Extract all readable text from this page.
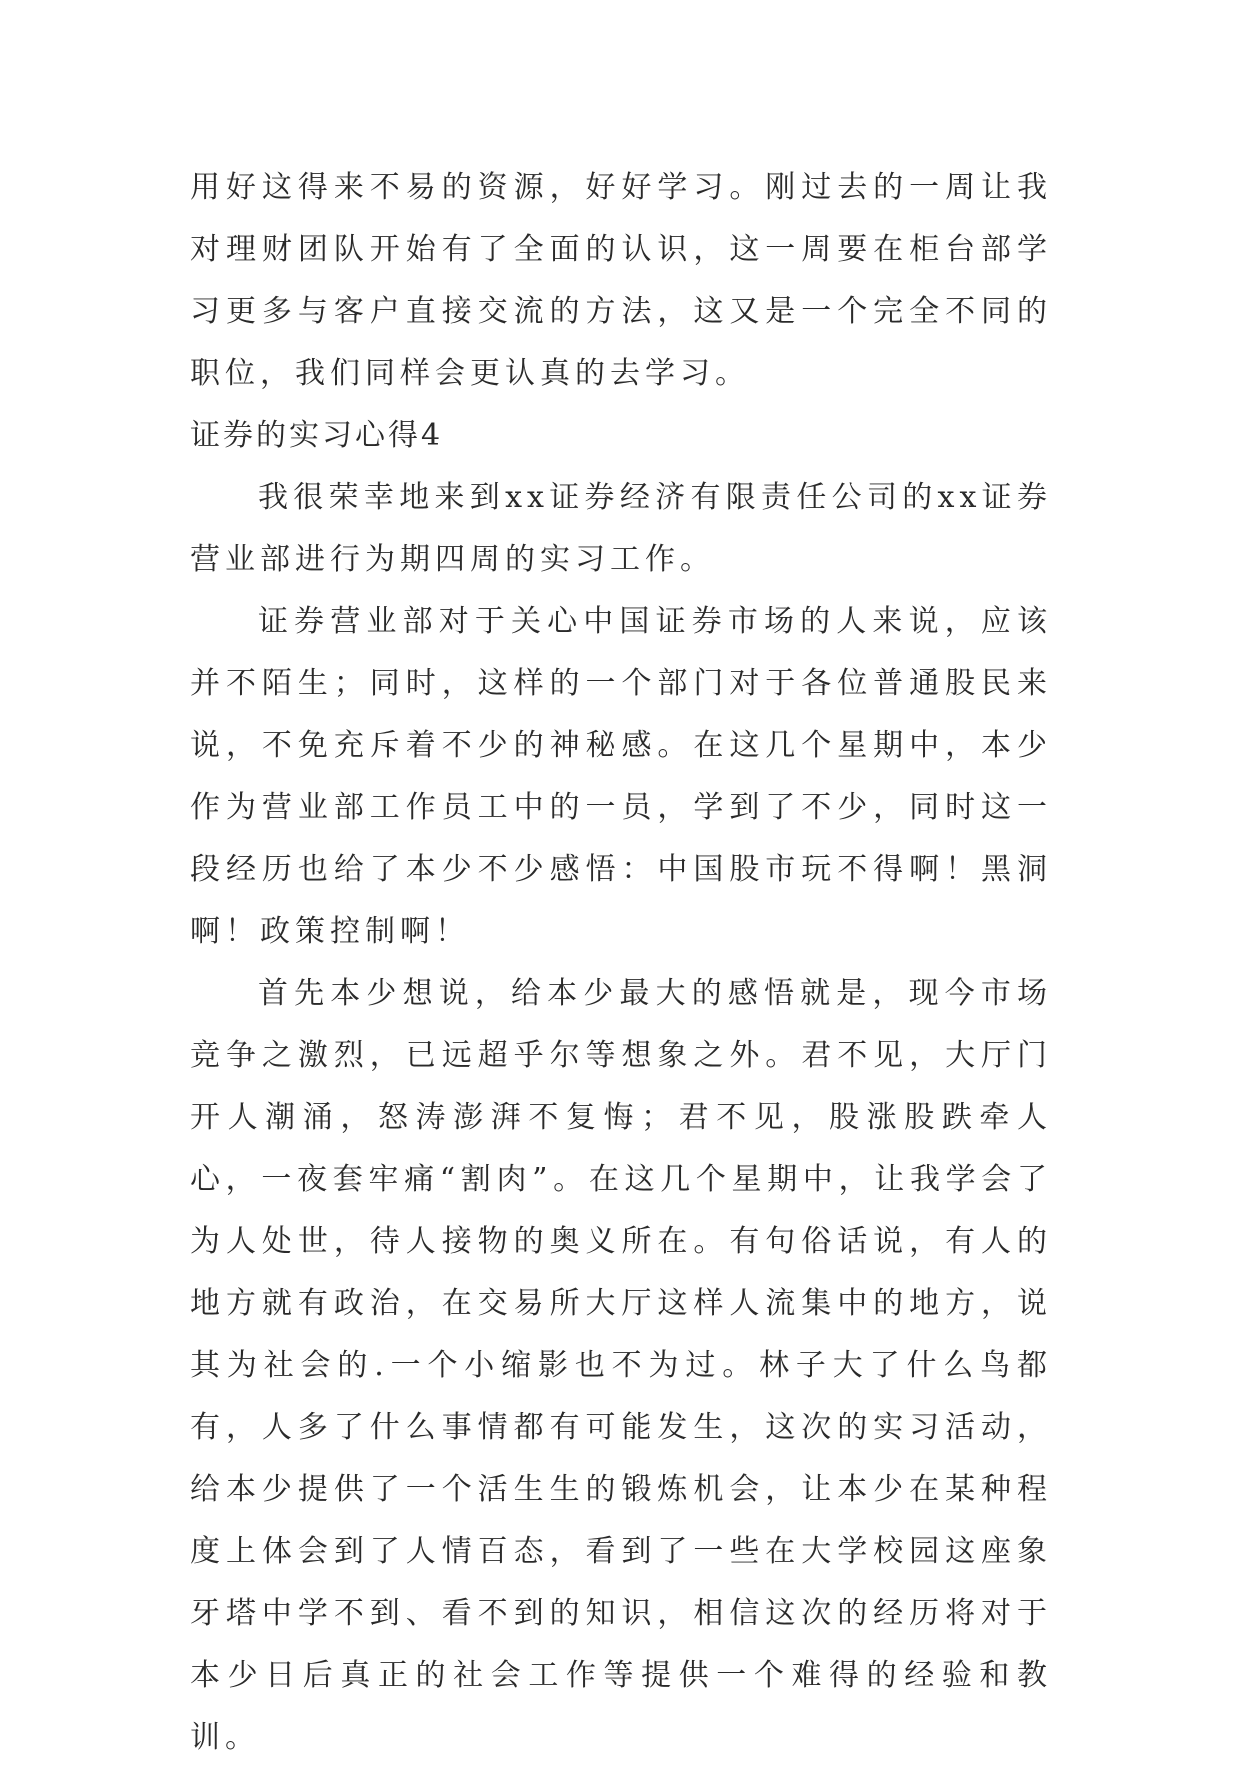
用好这得来不易的资源，好好学习。刚过去的一周让我对理财团队开始有了全面的认识，这一周要在柜台部学习更多与客户直接交流的方法，这又是一个完全不同的职位，我们同样会更认真的去学习。

证券的实习心得4

我很荣幸地来到xx证券经济有限责任公司的xx证券营业部进行为期四周的实习工作。

证券营业部对于关心中国证券市场的人来说，应该并不陌生；同时，这样的一个部门对于各位普通股民来说，不免充斥着不少的神秘感。在这几个星期中，本少作为营业部工作员工中的一员，学到了不少，同时这一段经历也给了本少不少感悟：中国股市玩不得啊！黑洞啊！政策控制啊！

首先本少想说，给本少最大的感悟就是，现今市场竞争之激烈，已远超乎尔等想象之外。君不见，大厅门开人潮涌，怒涛澎湃不复悔；君不见，股涨股跌牵人心，一夜套牢痛“割肉”。在这几个星期中，让我学会了为人处世，待人接物的奥义所在。有句俗话说，有人的地方就有政治，在交易所大厅这样人流集中的地方，说其为社会的.一个小缩影也不为过。林子大了什么鸟都有，人多了什么事情都有可能发生，这次的实习活动，给本少提供了一个活生生的锻炼机会，让本少在某种程度上体会到了人情百态，看到了一些在大学校园这座象牙塔中学不到、看不到的知识，相信这次的经历将对于本少日后真正的社会工作等提供一个难得的经验和教训。
